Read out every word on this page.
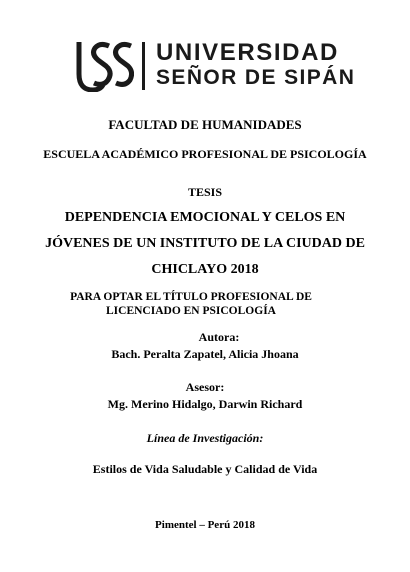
UNIVERSIDAD
SEÑOR DE SIPÁN
FACULTAD DE HUMANIDADES
ESCUELA ACADÉMICO PROFESIONAL DE PSICOLOGÍA
TESIS
DEPENDENCIA EMOCIONAL Y CELOS EN
JÓVENES DE UN INSTITUTO DE LA CIUDAD DE
CHICLAYO 2018
PARA OPTAR EL TÍTULO PROFESIONAL DE
LICENCIADO EN PSICOLOGÍA
Autora:
Bach. Peralta Zapatel, Alicia Jhoana
Asesor:
Mg. Merino Hidalgo, Darwin Richard
Línea de Investigación:
Estilos de Vida Saludable y Calidad de Vida
Pimentel – Perú 2018
